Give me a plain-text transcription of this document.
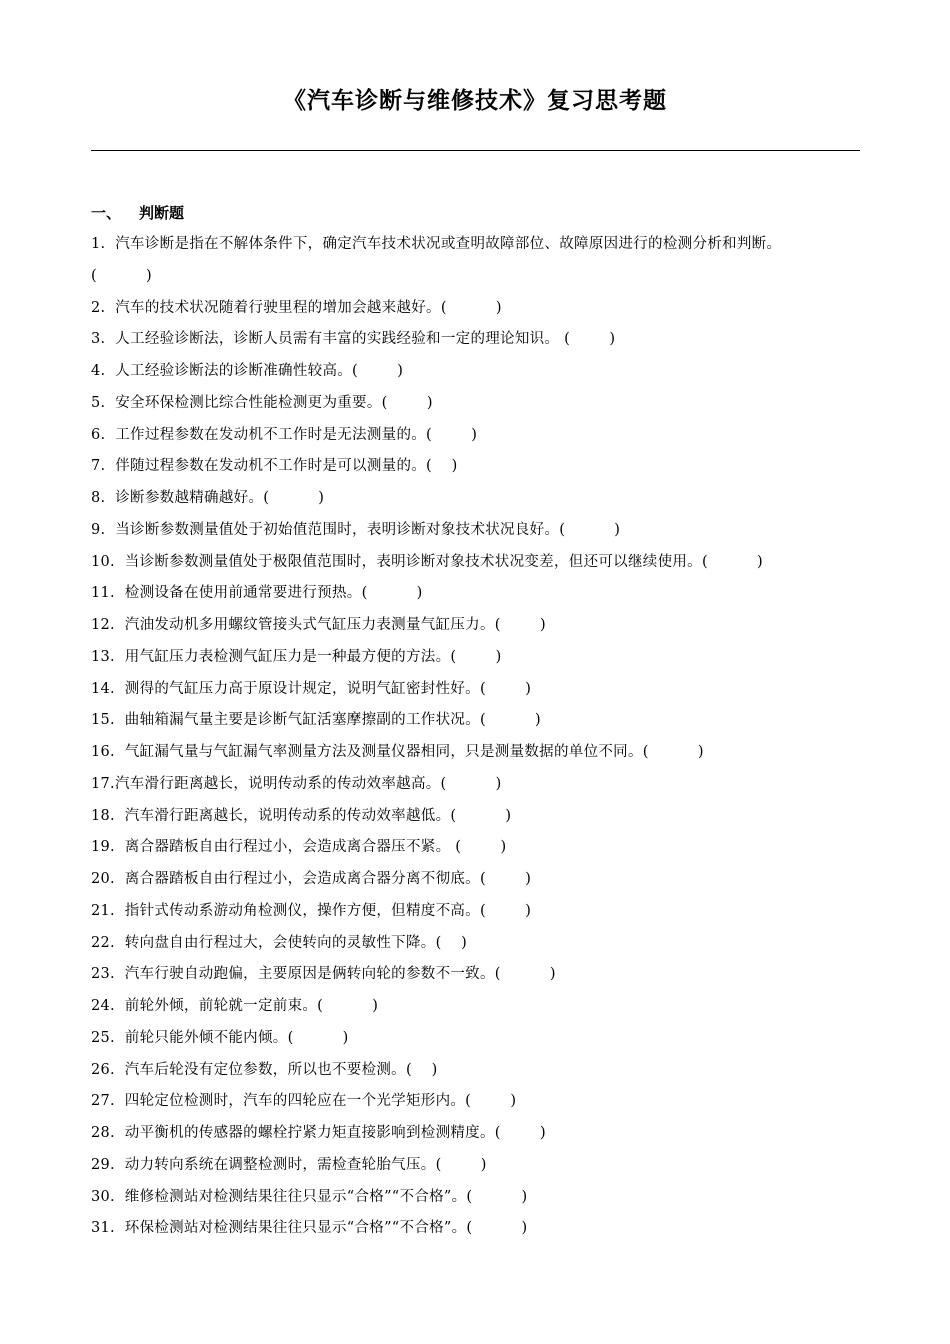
《汽车诊断与维修技术》复习思考题
一、 判断题
1.  汽车诊断是指在不解体条件下，确定汽车技术状况或查明故障部位、故障原因进行的检测分析和判断。
(          )
2.  汽车的技术状况随着行驶里程的增加会越来越好。(          )
3.  人工经验诊断法，诊断人员需有丰富的实践经验和一定的理论知识。 (        )
4.  人工经验诊断法的诊断准确性较高。(        )
5.  安全环保检测比综合性能检测更为重要。(        )
6.  工作过程参数在发动机不工作时是无法测量的。(        )
7.  伴随过程参数在发动机不工作时是可以测量的。(    )
8.  诊断参数越精确越好。(          )
9.  当诊断参数测量值处于初始值范围时，表明诊断对象技术状况良好。(          )
10.  当诊断参数测量值处于极限值范围时，表明诊断对象技术状况变差，但还可以继续使用。(          )
11.  检测设备在使用前通常要进行预热。(          )
12.  汽油发动机多用螺纹管接头式气缸压力表测量气缸压力。(        )
13.  用气缸压力表检测气缸压力是一种最方便的方法。(        )
14.  测得的气缸压力高于原设计规定，说明气缸密封性好。(        )
15.  曲轴箱漏气量主要是诊断气缸活塞摩擦副的工作状况。(          )
16.  气缸漏气量与气缸漏气率测量方法及测量仪器相同，只是测量数据的单位不同。(          )
17.汽车滑行距离越长，说明传动系的传动效率越高。(          )
18.  汽车滑行距离越长，说明传动系的传动效率越低。(          )
19.  离合器踏板自由行程过小，会造成离合器压不紧。 (        )
20.  离合器踏板自由行程过小，会造成离合器分离不彻底。(        )
21.  指针式传动系游动角检测仪，操作方便，但精度不高。(        )
22.  转向盘自由行程过大，会使转向的灵敏性下降。(    )
23.  汽车行驶自动跑偏，主要原因是俩转向轮的参数不一致。(          )
24.  前轮外倾，前轮就一定前束。(          )
25.  前轮只能外倾不能内倾。(          )
26.  汽车后轮没有定位参数，所以也不要检测。(    )
27.  四轮定位检测时，汽车的四轮应在一个光学矩形内。(        )
28.  动平衡机的传感器的螺栓拧紧力矩直接影响到检测精度。(        )
29.  动力转向系统在调整检测时，需检查轮胎气压。(        )
30.  维修检测站对检测结果往往只显示“合格”“不合格”。(          )
31.  环保检测站对检测结果往往只显示“合格”“不合格”。(          )
